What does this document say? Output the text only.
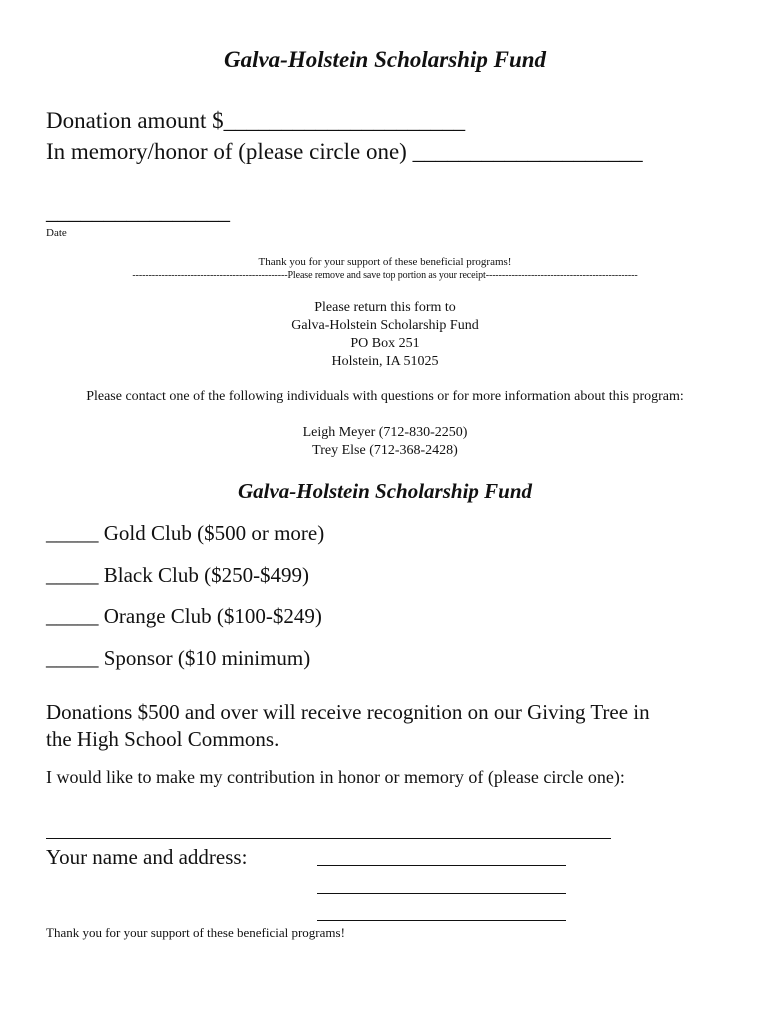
Galva-Holstein Scholarship Fund
Donation amount $_____________________
In memory/honor of (please circle one) ____________________
________________
Date
Thank you for your support of these beneficial programs!
------------------------------------------------Please remove and save top portion as your receipt-----------------------------------------------
Please return this form to
Galva-Holstein Scholarship Fund
PO Box 251
Holstein, IA 51025
Please contact one of the following individuals with questions or for more information about this program:
Leigh Meyer (712-830-2250)
Trey Else (712-368-2428)
Galva-Holstein Scholarship Fund
_____ Gold Club ($500 or more)
_____ Black Club ($250-$499)
_____ Orange Club ($100-$249)
_____ Sponsor ($10 minimum)
Donations $500 and over will receive recognition on our Giving Tree in
the High School Commons.
I would like to make my contribution in honor or memory of (please circle one):
Your name and address:
Thank you for your support of these beneficial programs!
